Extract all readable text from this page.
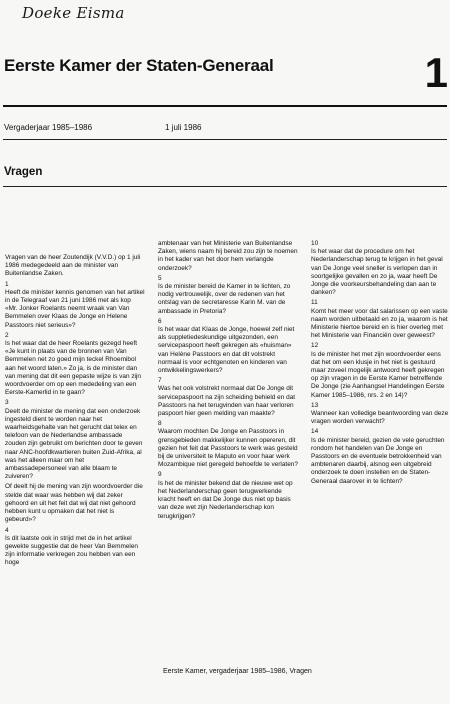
Doeke Eisma
Eerste Kamer der Staten-Generaal	1
Vergaderjaar 1985–1986	1 juli 1986
Vragen

Vragen van de heer Zoutendijk (V.V.D.) op 1 juli 1986 medegedeeld aan de minister van Buitenlandse Zaken.

1

Heeft de minister kennis genomen van het artikel in de Telegraaf van 21 juni 1986 met als kop «Mr. Jonker Roelants neemt wraak van Van Bemmelen over Klaas de Jonge en Helene Passtoors niet serieus»?

2

Is het waar dat de heer Roelants gezegd heeft «Je kunt in plaats van de bronnen van Van Bemmelen net zo goed mijn teckel Rhoemibol aan het woord laten.» Zo ja, is de minister dan van mening dat dit een gepaste wijze is van zijn woordvoerder om op een mededeling van een Eerste-Kamerlid in te gaan?

3

Deelt de minister de mening dat een onderzoek ingesteld dient te worden naar het waarheidsgehalte van het gerucht dat telex en telefoon van de Nederlandse ambassade zouden zijn gebruikt om berichten door te geven naar ANC-hoofdkwartieren buiten Zuid-Afrika, al was het alleen maar om het ambassadepersoneel van alle blaam te zuiveren?

Of deelt hij de mening van zijn woordvoerder die stelde dat waar was hebben wij dat zeker gehoord en uit het feit dat wij dat niet gehoord hebben kunt u opmaken dat het niet is gebeurd»?

4

Is dit laatste ook in strijd met de in het artikel gewekte suggestie dat de heer Van Bemmelen zijn informatie verkregen zou hebben van een hoge

ambtenaar van het Ministerie van Buitenlandse Zaken, wiens naam hij bereid zou zijn te noemen in het kader van het door hem verlangde onderzoek?

5

Is de minister bereid de Kamer in te lichten, zo nodig vertrouwelijk, over de redenen van het ontslag van de secretaresse Karin M. van de ambassade in Pretoria?

6

Is het waar dat Klaas de Jonge, hoewel zelf niet als suppletiedeskundige uitgezonden, een servicepaspoort heeft gekregen als «huisman» van Helène Passtoors en dat dit volstrekt normaal is voor echtgenoten en kinderen van ontwikkelingswerkers?

7

Was het ook volstrekt normaal dat De Jonge dit servicepaspoort na zijn scheiding behield en dat Passtoors na het terugvinden van haar verloren paspoort hier geen melding van maakte?

8

Waarom mochten De Jonge en Passtoors in grensgebieden makkelijker kunnen opereren, dit gezien het feit dat Passtoors te werk was gesteld bij de universiteit te Maputo en voor haar werk Mozambique niet geregeld behoefde te verlaten?

9

Is het de minister bekend dat de nieuwe wet op het Nederlanderschap geen terugwerkende kracht heeft en dat De Jonge dus niet op basis van deze wet zijn Nederlanderschap kon terugkrijgen?

10

Is het waar dat de procedure om het Nederlanderschap terug te krijgen in het geval van De Jonge veel sneller is verlopen dan in soortgelijke gevallen en zo ja, waar heeft De Jonge die voorkeursbehandeling dan aan te danken?

11

Komt het meer voor dat salarissen op een vaste naam worden uitbetaald en zo ja, waarom is het Ministerie hiertoe bereid en is hier overleg met het Ministerie van Financiën over geweest?

12

Is de minister het met zijn woordvoerder eens dat het om een klusje in het niet is gestuurd maar zoveel mogelijk antwoord heeft gekregen op zijn vragen in de Eerste Kamer betreffende De Jonge (zie Aanhangsel Handelingen Eerste Kamer 1985–1986, nrs. 2 en 14)?

13

Wanneer kan volledige beantwoording van deze vragen worden verwacht?

14

Is de minister bereid, gezien de vele geruchten rondom het handelen van De Jonge en Passtoors en de eventuele betrokkenheid van ambtenaren daarbij, alsnog een uitgebreid onderzoek te doen instellen en de Staten-Generaal daarover in te lichten?

Eerste Kamer, vergaderjaar 1985–1986, Vragen
